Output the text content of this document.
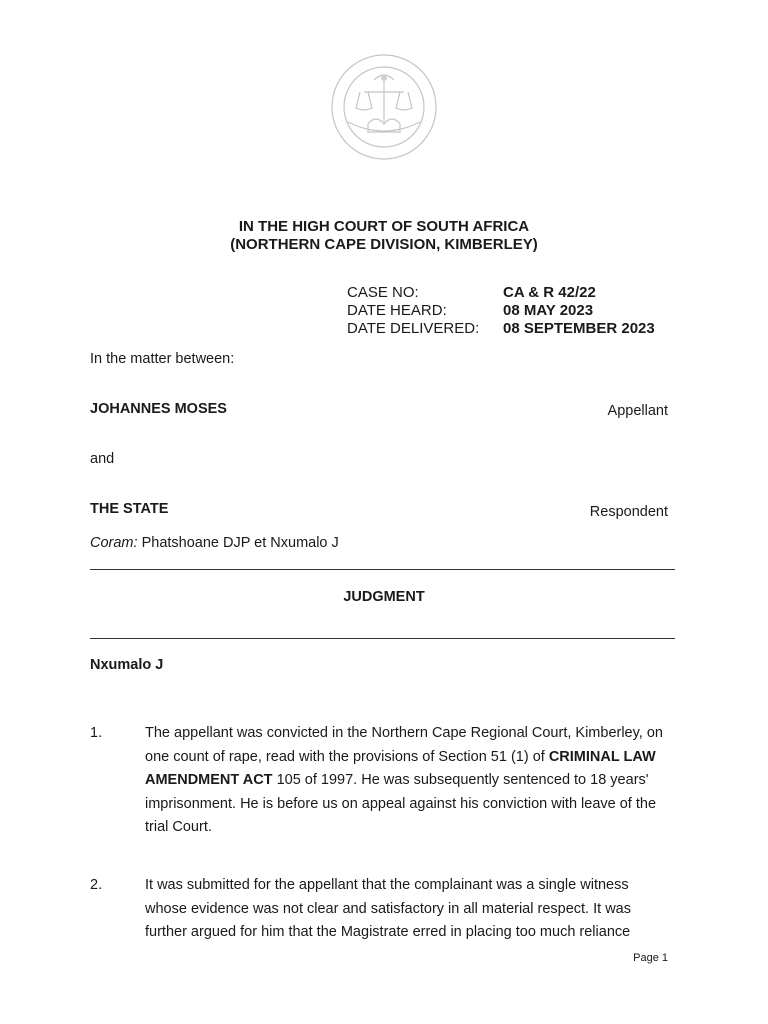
IN THE HIGH COURT OF SOUTH AFRICA
(NORTHERN CAPE DIVISION, KIMBERLEY)
CASE NO:	CA & R 42/22
DATE HEARD:	08 MAY 2023
DATE DELIVERED: 08 SEPTEMBER 2023
In the matter between:
JOHANNES MOSES	Appellant
and
THE STATE	Respondent
Coram: Phatshoane DJP et Nxumalo J
JUDGMENT
Nxumalo J
1.	The appellant was convicted in the Northern Cape Regional Court, Kimberley, on one count of rape, read with the provisions of Section 51 (1) of CRIMINAL LAW AMENDMENT ACT 105 of 1997. He was subsequently sentenced to 18 years' imprisonment. He is before us on appeal against his conviction with leave of the trial Court.
2.	It was submitted for the appellant that the complainant was a single witness whose evidence was not clear and satisfactory in all material respect. It was further argued for him that the Magistrate erred in placing too much reliance
Page 1
